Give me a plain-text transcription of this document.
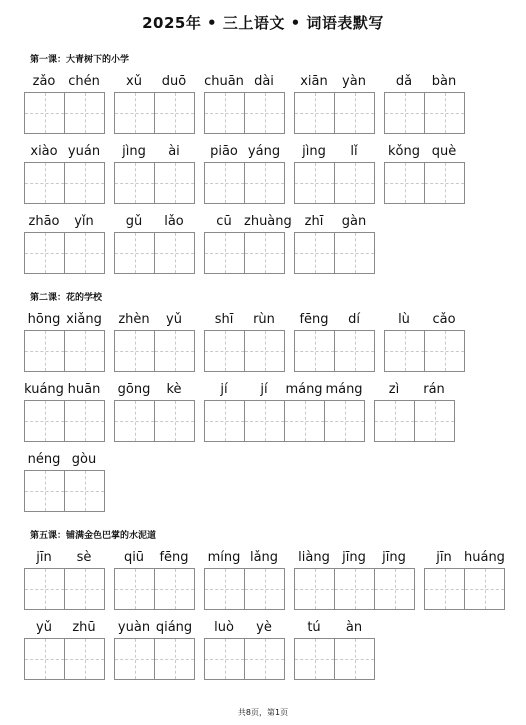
2025年 • 三上语文 • 词语表默写
第一课：大青树下的小学
zǎo chén	xǔ	duō	chuān dài	xiān	yàn	dǎ	bàn
xiào yuán	jìng	ài	piāo yáng	jìng	lǐ	kǒng què
zhāo	yǐn	gǔ	lǎo	cū zhuàng zhī	gàn
第二课：花的学校
hōng xiǎng	zhèn	yǔ	shī	rùn	fēng	dí	lù	cǎo
kuáng huān gōng	kè	jí	jí	máng máng	zì	rán
néng gòu
第五课：铺满金色巴掌的水泥道
jīn	sè	qiū	fēng	míng lǎng	liàng jīng	jīng	jīn huáng
yǔ	zhū	yuàn qiáng	luò	yè	tú	àn
共8页，第1页
